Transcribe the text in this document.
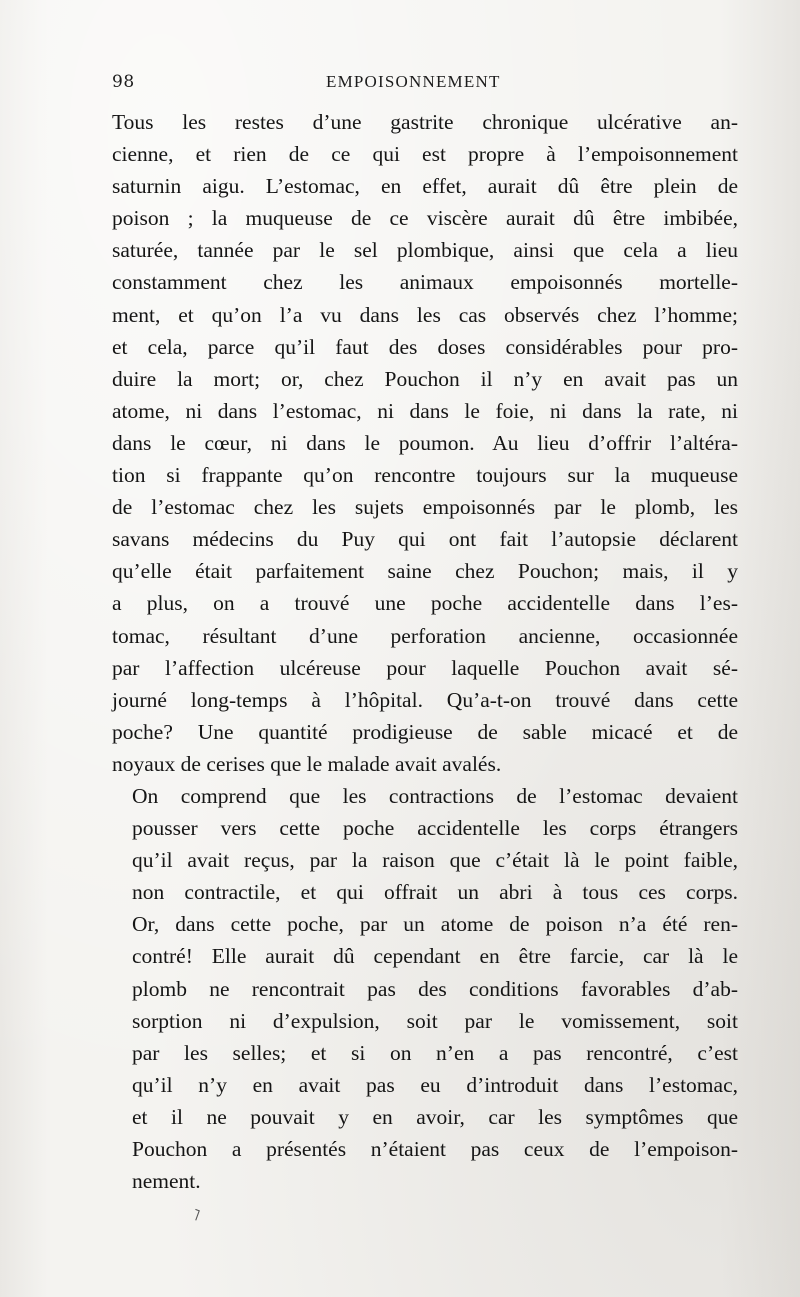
98	EMPOISONNEMENT

Tous les restes d’une gastrite chronique ulcérative an-
cienne, et rien de ce qui est propre à l’empoisonnement
saturnin aigu. L’estomac, en effet, aurait dû être plein de
poison ; la muqueuse de ce viscère aurait dû être imbibée,
saturée, tannée par le sel plombique, ainsi que cela a lieu
constamment chez les animaux empoisonnés mortelle-
ment, et qu’on l’a vu dans les cas observés chez l’homme;
et cela, parce qu’il faut des doses considérables pour pro-
duire la mort; or, chez Pouchon il n’y en avait pas un
atome, ni dans l’estomac, ni dans le foie, ni dans la rate, ni
dans le cœur, ni dans le poumon. Au lieu d’offrir l’altéra-
tion si frappante qu’on rencontre toujours sur la muqueuse
de l’estomac chez les sujets empoisonnés par le plomb, les
savans médecins du Puy qui ont fait l’autopsie déclarent
qu’elle était parfaitement saine chez Pouchon; mais, il y
a plus, on a trouvé une poche accidentelle dans l’es-
tomac, résultant d’une perforation ancienne, occasionnée
par l’affection ulcéreuse pour laquelle Pouchon avait sé-
journé long-temps à l’hôpital. Qu’a-t-on trouvé dans cette
poche? Une quantité prodigieuse de sable micacé et de
noyaux de cerises que le malade avait avalés.

On comprend que les contractions de l’estomac devaient
pousser vers cette poche accidentelle les corps étrangers
qu’il avait reçus, par la raison que c’était là le point faible,
non contractile, et qui offrait un abri à tous ces corps.
Or, dans cette poche, par un atome de poison n’a été ren-
contré! Elle aurait dû cependant en être farcie, car là le
plomb ne rencontrait pas des conditions favorables d’ab-
sorption ni d’expulsion, soit par le vomissement, soit
par les selles; et si on n’en a pas rencontré, c’est
qu’il n’y en avait pas eu d’introduit dans l’estomac,
et il ne pouvait y en avoir, car les symptômes que
Pouchon a présentés n’étaient pas ceux de l’empoison-
nement.

˥
